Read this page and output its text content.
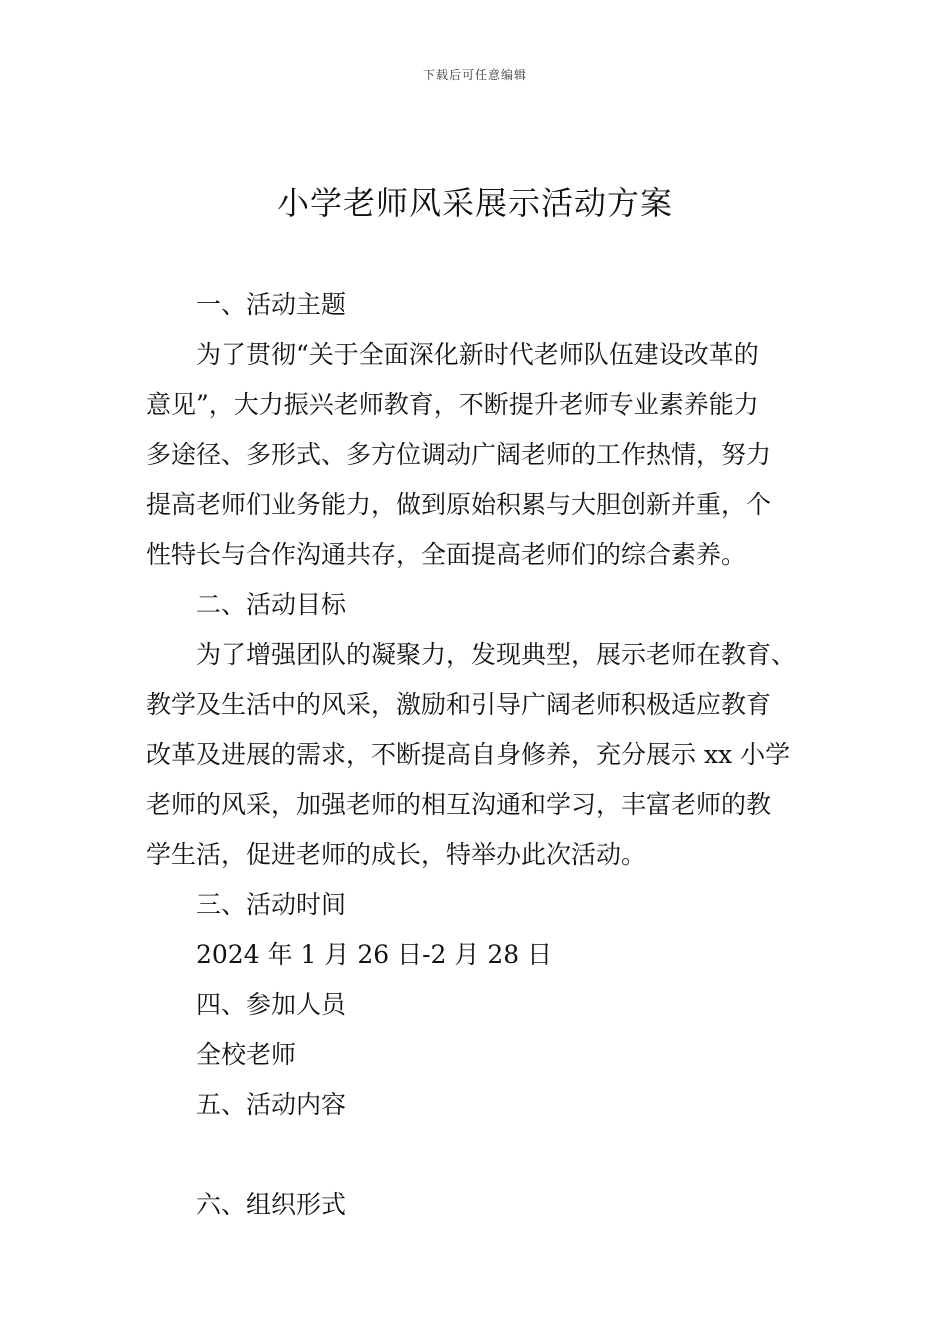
下载后可任意编辑
小学老师风采展示活动方案
一、活动主题
为了贯彻“关于全面深化新时代老师队伍建设改革的
意见”，大力振兴老师教育，不断提升老师专业素养能力
多途径、多形式、多方位调动广阔老师的工作热情，努力
提高老师们业务能力，做到原始积累与大胆创新并重，个
性特长与合作沟通共存，全面提高老师们的综合素养。
二、活动目标
为了增强团队的凝聚力，发现典型，展示老师在教育、
教学及生活中的风采，激励和引导广阔老师积极适应教育
改革及进展的需求，不断提高自身修养，充分展示 xx 小学
老师的风采，加强老师的相互沟通和学习，丰富老师的教
学生活，促进老师的成长，特举办此次活动。
三、活动时间
2024 年 1 月 26 日-2 月 28 日
四、参加人员
全校老师
五、活动内容
六、组织形式
